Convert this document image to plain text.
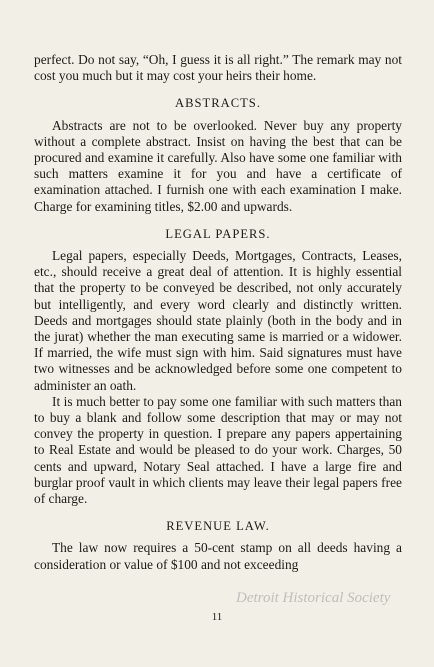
perfect. Do not say, “Oh, I guess it is all right.” The remark may not cost you much but it may cost your heirs their home.

ABSTRACTS.

Abstracts are not to be overlooked. Never buy any property without a complete abstract. Insist on having the best that can be procured and examine it carefully. Also have some one familiar with such matters examine it for you and have a certificate of examination attached. I furnish one with each examination I make. Charge for examining titles, $2.00 and upwards.

LEGAL PAPERS.

Legal papers, especially Deeds, Mortgages, Contracts, Leases, etc., should receive a great deal of attention. It is highly essential that the property to be conveyed be described, not only accurately but intelligently, and every word clearly and distinctly written. Deeds and mortgages should state plainly (both in the body and in the jurat) whether the man executing same is married or a widower. If married, the wife must sign with him. Said signatures must have two witnesses and be acknowledged before some one competent to administer an oath.

It is much better to pay some one familiar with such matters than to buy a blank and follow some description that may or may not convey the property in question. I prepare any papers appertaining to Real Estate and would be pleased to do your work. Charges, 50 cents and upward, Notary Seal attached. I have a large fire and burglar proof vault in which clients may leave their legal papers free of charge.

REVENUE LAW.

The law now requires a 50-cent stamp on all deeds having a consideration or value of $100 and not exceeding

Detroit Historical Society
11
